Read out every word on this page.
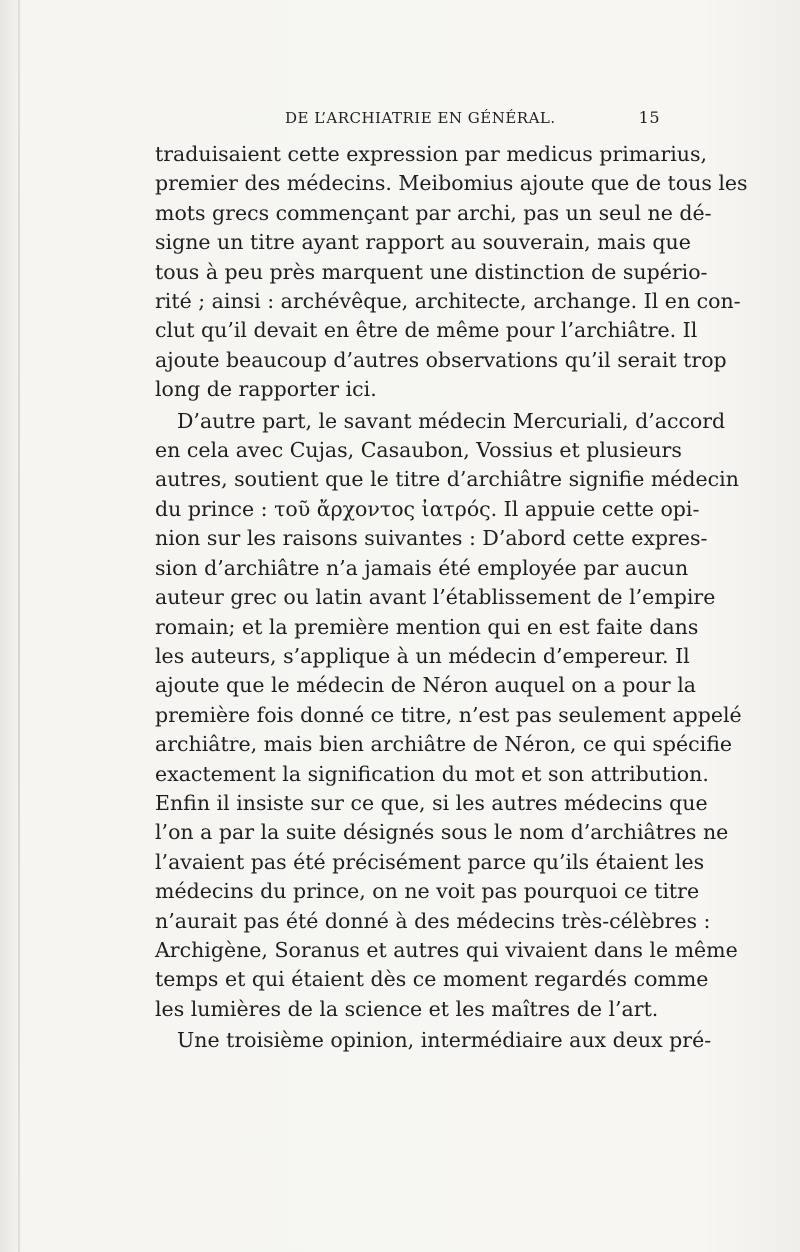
DE L’ARCHIATRIE EN GÉNÉRAL.	15
traduisaient cette expression par medicus primarius,
premier des médecins. Meibomius ajoute que de tous les
mots grecs commençant par archi, pas un seul ne dé-
signe un titre ayant rapport au souverain, mais que
tous à peu près marquent une distinction de supério-
rité ; ainsi : archévêque, architecte, archange. Il en con-
clut qu’il devait en être de même pour l’archiâtre. Il
ajoute beaucoup d’autres observations qu’il serait trop
long de rapporter ici.
D’autre part, le savant médecin Mercuriali, d’accord
en cela avec Cujas, Casaubon, Vossius et plusieurs
autres, soutient que le titre d’archiâtre signifie médecin
du prince : τοῦ ἄρχοντος ἰατρός. Il appuie cette opi-
nion sur les raisons suivantes : D’abord cette expres-
sion d’archiâtre n’a jamais été employée par aucun
auteur grec ou latin avant l’établissement de l’empire
romain; et la première mention qui en est faite dans
les auteurs, s’applique à un médecin d’empereur. Il
ajoute que le médecin de Néron auquel on a pour la
première fois donné ce titre, n’est pas seulement appelé
archiâtre, mais bien archiâtre de Néron, ce qui spécifie
exactement la signification du mot et son attribution.
Enfin il insiste sur ce que, si les autres médecins que
l’on a par la suite désignés sous le nom d’archiâtres ne
l’avaient pas été précisément parce qu’ils étaient les
médecins du prince, on ne voit pas pourquoi ce titre
n’aurait pas été donné à des médecins très-célèbres :
Archigène, Soranus et autres qui vivaient dans le même
temps et qui étaient dès ce moment regardés comme
les lumières de la science et les maîtres de l’art.
Une troisième opinion, intermédiaire aux deux pré-
